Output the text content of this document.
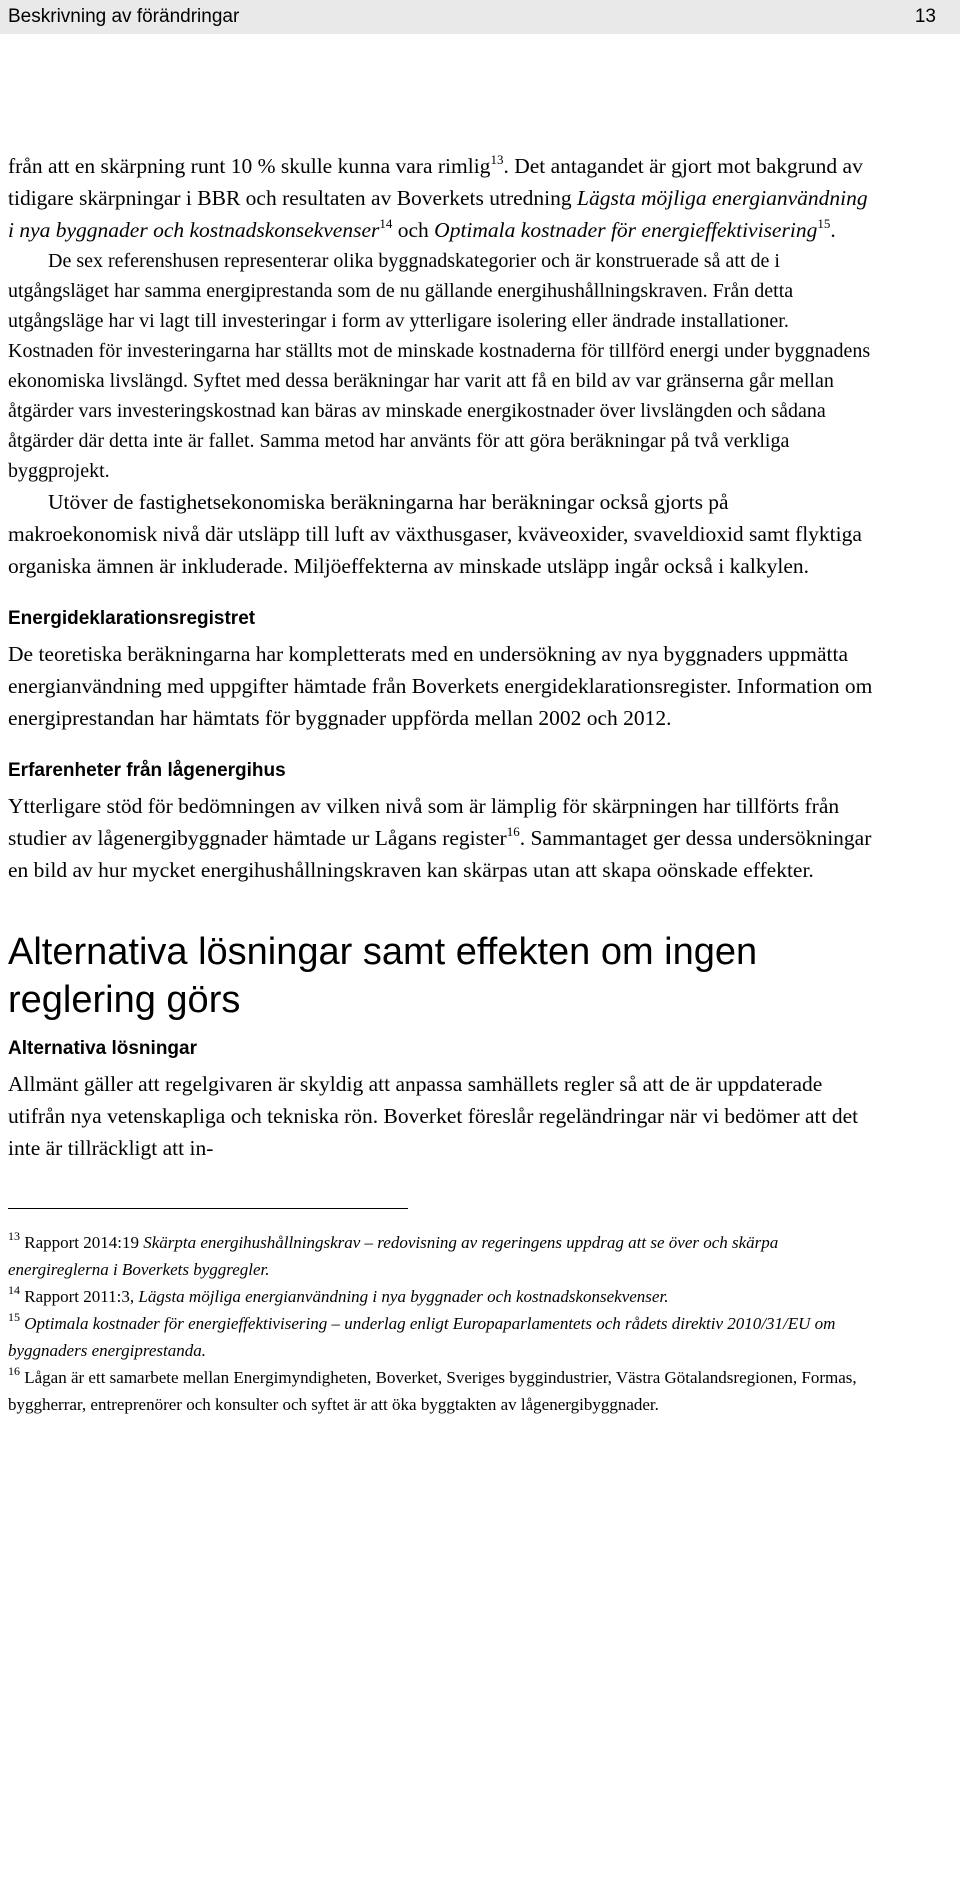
Beskrivning av förändringar	13

från att en skärpning runt 10 % skulle kunna vara rimlig$^{13}$. Det antagandet är gjort mot bakgrund av tidigare skärpningar i BBR och resultaten av Boverkets utredning Lägsta möjliga energianvändning i nya byggnader och kostnadskonsekvenser$^{14}$ och Optimala kostnader för energieffektivisering$^{15}$.

De sex referenshusen representerar olika byggnadskategorier och är konstruerade så att de i utgångsläget har samma energiprestanda som de nu gällande energihushållningskraven. Från detta utgångsläge har vi lagt till investeringar i form av ytterligare isolering eller ändrade installationer. Kostnaden för investeringarna har ställts mot de minskade kostnaderna för tillförd energi under byggnadens ekonomiska livslängd. Syftet med dessa beräkningar har varit att få en bild av var gränserna går mellan åtgärder vars investeringskostnad kan bäras av minskade energikostnader över livslängden och sådana åtgärder där detta inte är fallet. Samma metod har använts för att göra beräkningar på två verkliga byggprojekt.

Utöver de fastighetsekonomiska beräkningarna har beräkningar också gjorts på makroekonomisk nivå där utsläpp till luft av växthusgaser, kväveoxider, svaveldioxid samt flyktiga organiska ämnen är inkluderade. Miljöeffekterna av minskade utsläpp ingår också i kalkylen.

Energideklarationsregistret

De teoretiska beräkningarna har kompletterats med en undersökning av nya byggnaders uppmätta energianvändning med uppgifter hämtade från Boverkets energideklarationsregister. Information om energiprestandan har hämtats för byggnader uppförda mellan 2002 och 2012.

Erfarenheter från lågenergihus

Ytterligare stöd för bedömningen av vilken nivå som är lämplig för skärpningen har tillförts från studier av lågenergibyggnader hämtade ur Lågans register$^{16}$. Sammantaget ger dessa undersökningar en bild av hur mycket energihushållningskraven kan skärpas utan att skapa oönskade effekter.

Alternativa lösningar samt effekten om ingen reglering görs
Alternativa lösningar

Allmänt gäller att regelgivaren är skyldig att anpassa samhällets regler så att de är uppdaterade utifrån nya vetenskapliga och tekniska rön. Boverket föreslår regeländringar när vi bedömer att det inte är tillräckligt att in-

$^{13}$ Rapport 2014:19 Skärpta energihushållningskrav – redovisning av regeringens uppdrag att se över och skärpa energireglerna i Boverkets byggregler.

$^{14}$ Rapport 2011:3, Lägsta möjliga energianvändning i nya byggnader och kostnadskonsekvenser.

$^{15}$ Optimala kostnader för energieffektivisering – underlag enligt Europaparlamentets och rådets direktiv 2010/31/EU om byggnaders energiprestanda.

$^{16}$ Lågan är ett samarbete mellan Energimyndigheten, Boverket, Sveriges byggindustrier, Västra Götalandsregionen, Formas, byggherrar, entreprenörer och konsulter och syftet är att öka byggtakten av lågenergibyggnader.
